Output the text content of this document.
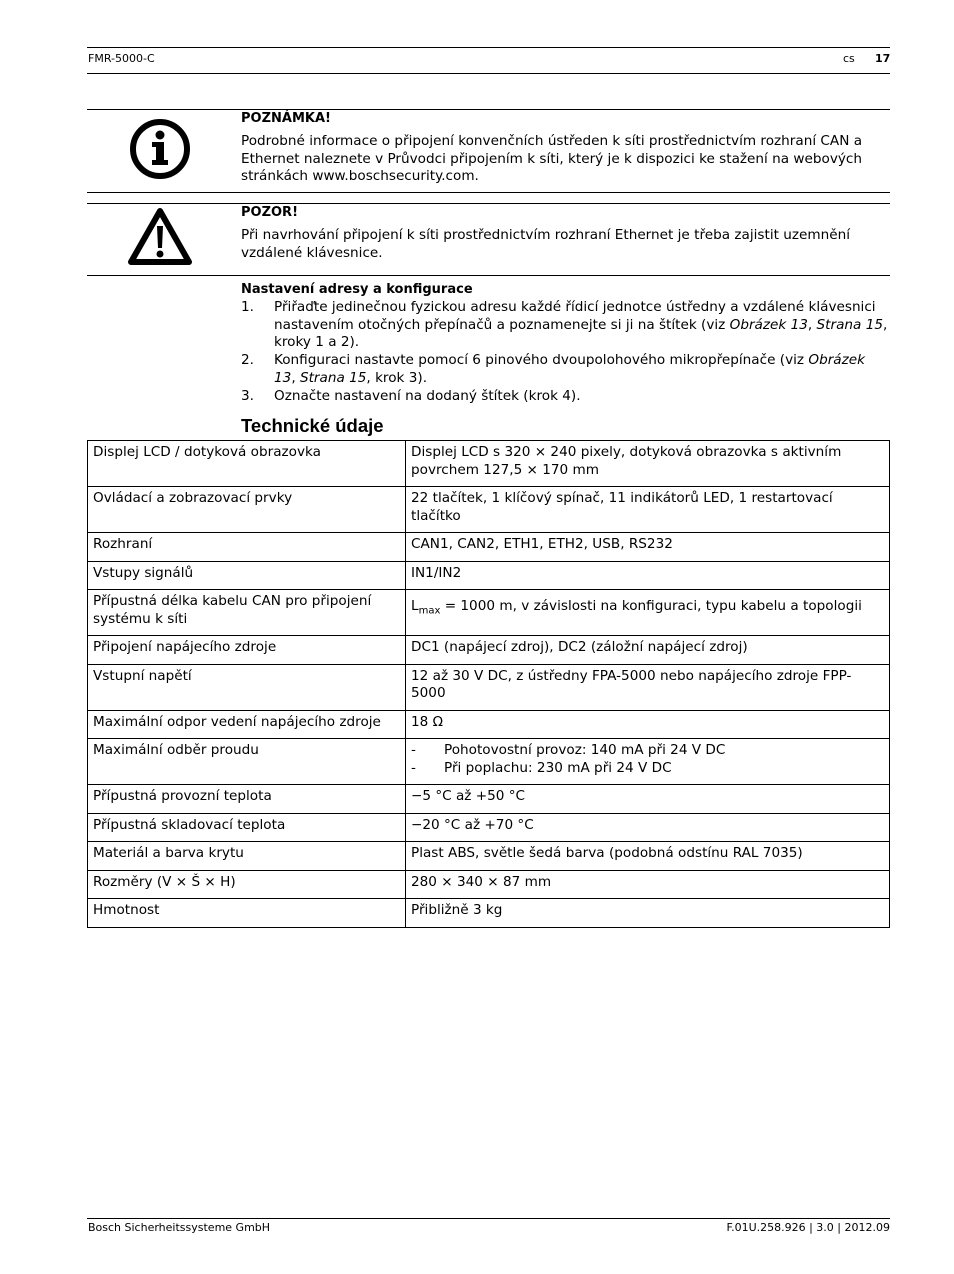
FMR-5000-C	cs 17
POZNÁMKA!
Podrobné informace o připojení konvenčních ústředen k síti prostřednictvím rozhraní CAN a Ethernet naleznete v Průvodci připojením k síti, který je k dispozici ke stažení na webových stránkách www.boschsecurity.com.
POZOR!
Při navrhování připojení k síti prostřednictvím rozhraní Ethernet je třeba zajistit uzemnění vzdálené klávesnice.
Nastavení adresy a konfigurace
1. Přiřaďte jedinečnou fyzickou adresu každé řídicí jednotce ústředny a vzdálené klávesnici nastavením otočných přepínačů a poznamenejte si ji na štítek (viz Obrázek 13, Strana 15, kroky 1 a 2).
2. Konfiguraci nastavte pomocí 6 pinového dvoupolohového mikropřepínače (viz Obrázek 13, Strana 15, krok 3).
3. Označte nastavení na dodaný štítek (krok 4).
Technické údaje
Displej LCD / dotyková obrazovka	Displej LCD s 320 × 240 pixely, dotyková obrazovka s aktivním povrchem 127,5 × 170 mm
Ovládací a zobrazovací prvky	22 tlačítek, 1 klíčový spínač, 11 indikátorů LED, 1 restartovací tlačítko
Rozhraní	CAN1, CAN2, ETH1, ETH2, USB, RS232
Vstupy signálů	IN1/IN2
Přípustná délka kabelu CAN pro připojení systému k síti	$L_{max} = 1000$ m, v závislosti na konfiguraci, typu kabelu a topologii
Připojení napájecího zdroje	DC1 (napájecí zdroj), DC2 (záložní napájecí zdroj)
Vstupní napětí	12 až 30 V DC, z ústředny FPA-5000 nebo napájecího zdroje FPP-5000
Maximální odpor vedení napájecího zdroje	18 Ω
Maximální odběr proudu	- Pohotovostní provoz: 140 mA při 24 V DC
- Při poplachu: 230 mA při 24 V DC

Přípustná provozní teplota	−5 °C až +50 °C
Přípustná skladovací teplota	−20 °C až +70 °C
Materiál a barva krytu	Plast ABS, světle šedá barva (podobná odstínu RAL 7035)
Rozměry (V × Š × H)	280 × 340 × 87 mm
Hmotnost	Přibližně 3 kg
Bosch Sicherheitssysteme GmbH	F.01U.258.926 | 3.0 | 2012.09
